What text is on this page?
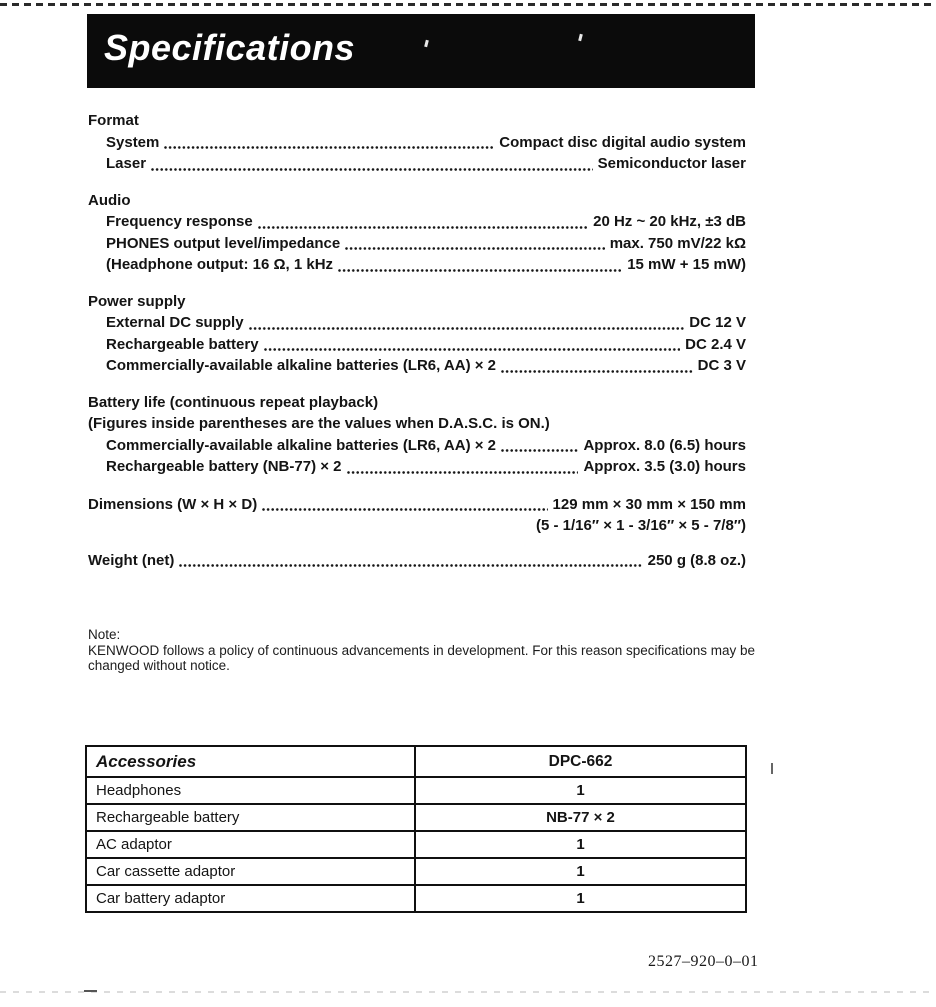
Specifications
Format
System	Compact disc digital audio system
Laser	Semiconductor laser
Audio
Frequency response	20 Hz ~ 20 kHz, ±3 dB
PHONES output level/impedance	max. 750 mV/22 kΩ
(Headphone output: 16 Ω, 1 kHz	15 mW + 15 mW)
Power supply
External DC supply	DC 12 V
Rechargeable battery	DC 2.4 V
Commercially-available alkaline batteries (LR6, AA) × 2	DC 3 V
Battery life (continuous repeat playback)
(Figures inside parentheses are the values when D.A.S.C. is ON.)
Commercially-available alkaline batteries (LR6, AA) × 2	Approx. 8.0 (6.5) hours
Rechargeable battery (NB-77) × 2	Approx. 3.5 (3.0) hours
Dimensions (W × H × D)	129 mm × 30 mm × 150 mm
(5 - 1/16″ × 1 - 3/16″ × 5 - 7/8″)
Weight (net)	250 g (8.8 oz.)
Note:
KENWOOD follows a policy of continuous advancements in development. For this reason specifications may be changed without notice.
Accessories	DPC-662
Headphones	1
Rechargeable battery	NB-77 × 2
AC adaptor	1
Car cassette adaptor	1
Car battery adaptor	1
2527–920–0–01
